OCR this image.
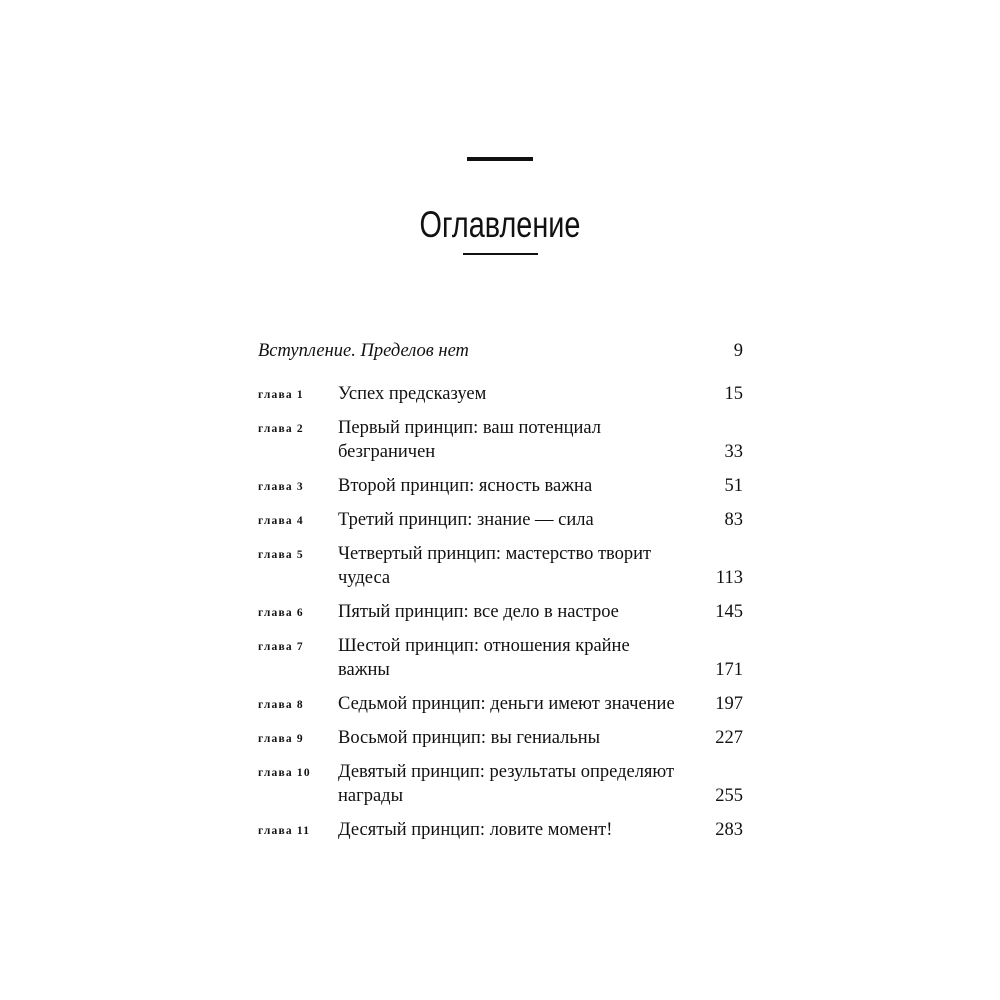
Оглавление
Вступление. Пределов нет	9
глава 1	Успех предсказуем	15
глава 2	Первый принцип: ваш потенциал безграничен	33
глава 3	Второй принцип: ясность важна	51
глава 4	Третий принцип: знание — сила	83
глава 5	Четвертый принцип: мастерство творит чудеса	113
глава 6	Пятый принцип: все дело в настрое	145
глава 7	Шестой принцип: отношения крайне важны	171
глава 8	Седьмой принцип: деньги имеют значение	197
глава 9	Восьмой принцип: вы гениальны	227
глава 10	Девятый принцип: результаты определяют награды	255
глава 11	Десятый принцип: ловите момент!	283
